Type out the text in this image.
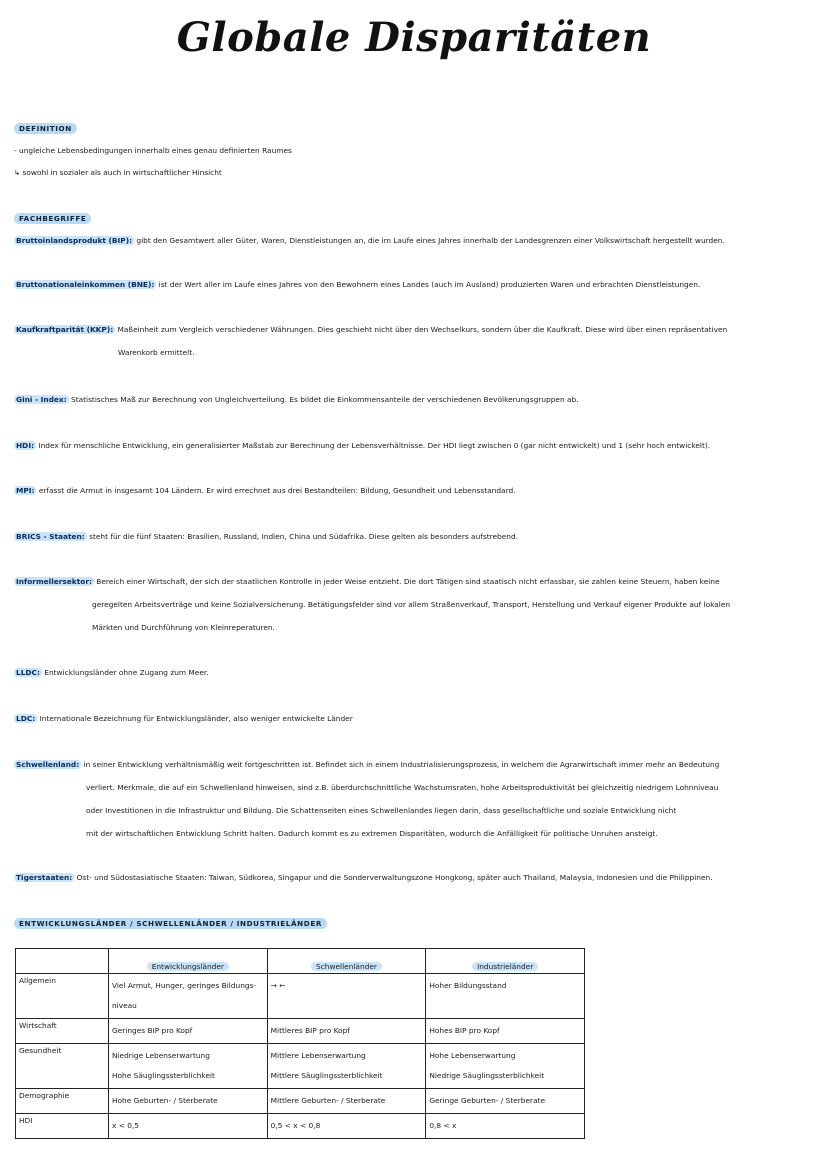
Globale Disparitäten
DEFINITION
- ungleiche Lebensbedingungen innerhalb eines genau definierten Raumes
↳ sowohl in sozialer als auch in wirtschaftlicher Hinsicht
FACHBEGRIFFE
Bruttoinlandsprodukt (BIP): gibt den Gesamtwert aller Güter, Waren, Dienstleistungen an, die im Laufe eines Jahres innerhalb der Landesgrenzen einer Volkswirtschaft hergestellt wurden.
Bruttonationaleinkommen (BNE): ist der Wert aller im Laufe eines Jahres von den Bewohnern eines Landes (auch im Ausland) produzierten Waren und erbrachten Dienstleistungen.
Kaufkraftparität (KKP): Maßeinheit zum Vergleich verschiedener Währungen. Dies geschieht nicht über den Wechselkurs, sondern über die Kaufkraft. Diese wird über einen repräsentativen
Warenkorb ermittelt.
Gini - Index: Statistisches Maß zur Berechnung von Ungleichverteilung. Es bildet die Einkommensanteile der verschiedenen Bevölkerungsgruppen ab.
HDI: Index für menschliche Entwicklung, ein generalisierter Maßstab zur Berechnung der Lebensverhältnisse. Der HDI liegt zwischen 0 (gar nicht entwickelt) und 1 (sehr hoch entwickelt).
MPI: erfasst die Armut in insgesamt 104 Ländern. Er wird errechnet aus drei Bestandteilen: Bildung, Gesundheit und Lebensstandard.
BRICS - Staaten: steht für die fünf Staaten: Brasilien, Russland, Indien, China und Südafrika. Diese gelten als besonders aufstrebend.
Informellersektor: Bereich einer Wirtschaft, der sich der staatlichen Kontrolle in jeder Weise entzieht. Die dort Tätigen sind staatisch nicht erfassbar, sie zahlen keine Steuern, haben keine
geregelten Arbeitsverträge und keine Sozialversicherung. Betätigungsfelder sind vor allem Straßenverkauf, Transport, Herstellung und Verkauf eigener Produkte auf lokalen
Märkten und Durchführung von Kleinreperaturen.
LLDC: Entwicklungsländer ohne Zugang zum Meer.
LDC: Internationale Bezeichnung für Entwicklungsländer, also weniger entwickelte Länder
Schwellenland: in seiner Entwicklung verhältnismäßig weit fortgeschritten ist. Befindet sich in einem Industrialisierungsprozess, in welchem die Agrarwirtschaft immer mehr an Bedeutung
verliert. Merkmale, die auf ein Schwellenland hinweisen, sind z.B. überdurchschnittliche Wachstumsraten, hohe Arbeitsproduktivität bei gleichzeitig niedrigem Lohnniveau
oder Investitionen in die Infrastruktur und Bildung. Die Schattenseiten eines Schwellenlandes liegen darin, dass gesellschaftliche und soziale Entwicklung nicht
mit der wirtschaftlichen Entwicklung Schritt halten. Dadurch kommt es zu extremen Disparitäten, wodurch die Anfälligkeit für politische Unruhen ansteigt.
Tigerstaaten: Ost- und Südostasiatische Staaten: Taiwan, Südkorea, Singapur und die Sonderverwaltungszone Hongkong, später auch Thailand, Malaysia, Indonesien und die Philippinen.
ENTWICKLUNGSLÄNDER / SCHWELLENLÄNDER / INDUSTRIELÄNDER
	Entwicklungsländer	Schwellenländer	Industrieländer
Allgemein	Viel Armut, Hunger, geringes Bildungs-
niveau	→ ←	Hoher Bildungsstand

Wirtschaft	Geringes BIP pro Kopf	Mittleres BIP pro Kopf	Hohes BIP pro Kopf

Gesundheit	Niedrige Lebenserwartung
Hohe Säuglingssterblichkeit	Mittlere Lebenserwartung
Mittlere Säuglingssterblichkeit	Hohe Lebenserwartung
Niedrige Säuglingssterblichkeit

Demographie	Hohe Geburten- / Sterberate	Mittlere Geburten- / Sterberate	Geringe Geburten- / Sterberate

HDI	x < 0,5	0,5 < x < 0,8	0,8 < x
